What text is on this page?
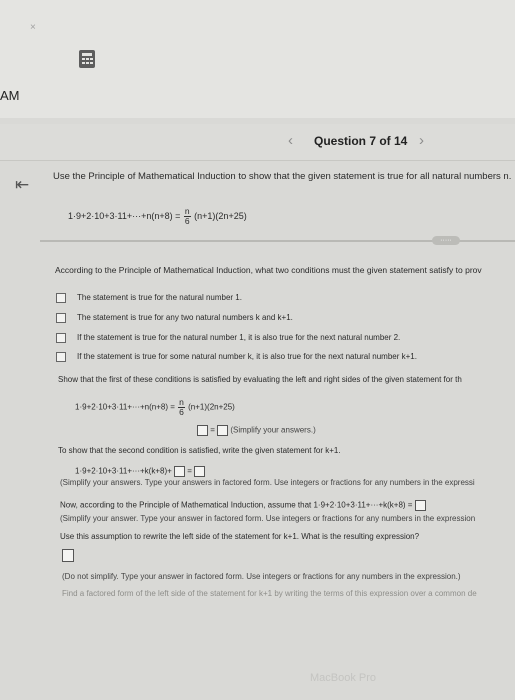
×
AM
‹ Question 7 of 14 ›
⇤	Use the Principle of Mathematical Induction to show that the given statement is true for all natural numbers n.
$1\cdot 9+2\cdot 10+3\cdot 11+\cdot\cdot\cdot+n(n+8) = \frac{n}{6} (n+1)(2n+25)$
·····
According to the Principle of Mathematical Induction, what two conditions must the given statement satisfy to prov
The statement is true for the natural number 1.
The statement is true for any two natural numbers k and k+1.
If the statement is true for the natural number 1, it is also true for the next natural number 2.
If the statement is true for some natural number k, it is also true for the next natural number k+1.
Show that the first of these conditions is satisfied by evaluating the left and right sides of the given statement for th
$1\cdot 9+2\cdot 10+3\cdot 11+\cdot\cdot\cdot+n(n+8) = \frac{n}{6} (n+1)(2n+25)$
= (Simplify your answers.)
To show that the second condition is satisfied, write the given statement for k+1.
1·9+2·10+3·11+···+k(k+8)+ =
(Simplify your answers. Type your answers in factored form. Use integers or fractions for any numbers in the expressi
Now, according to the Principle of Mathematical Induction, assume that 1·9+2·10+3·11+···+k(k+8) =
(Simplify your answer. Type your answer in factored form. Use integers or fractions for any numbers in the expression
Use this assumption to rewrite the left side of the statement for k+1. What is the resulting expression?
(Do not simplify. Type your answer in factored form. Use integers or fractions for any numbers in the expression.)
Find a factored form of the left side of the statement for k+1 by writing the terms of this expression over a common de
MacBook Pro
